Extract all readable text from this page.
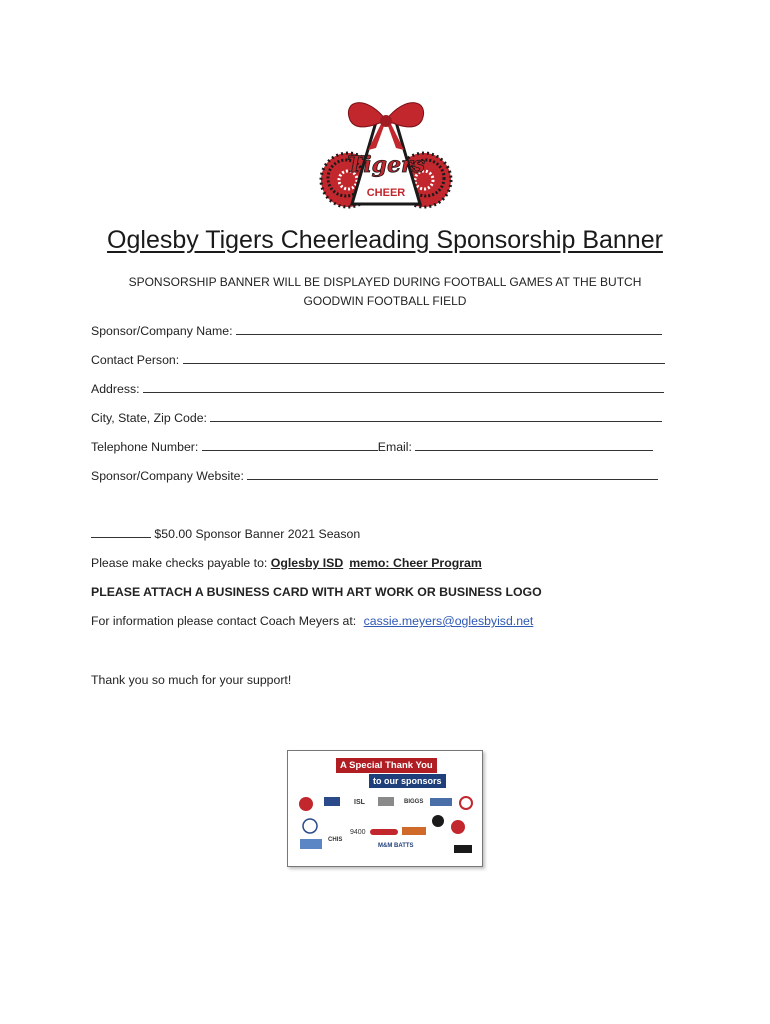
Tigers
CHEER
Oglesby Tigers Cheerleading Sponsorship Banner
SPONSORSHIP BANNER WILL BE DISPLAYED DURING FOOTBALL GAMES AT THE BUTCH GOODWIN FOOTBALL FIELD
Sponsor/Company Name:
Contact Person:
Address:
City, State, Zip Code:
Telephone Number:	Email:
Sponsor/Company Website:
$50.00 Sponsor Banner 2021 Season
Please make checks payable to: Oglesby ISD memo: Cheer Program
PLEASE ATTACH A BUSINESS CARD WITH ART WORK OR BUSINESS LOGO
For information please contact Coach Meyers at: cassie.meyers@oglesbyisd.net
Thank you so much for your support!
A Special Thank You
to our sponsors
ISL	BIGGS
CHIS
9400
M&M BATTS
